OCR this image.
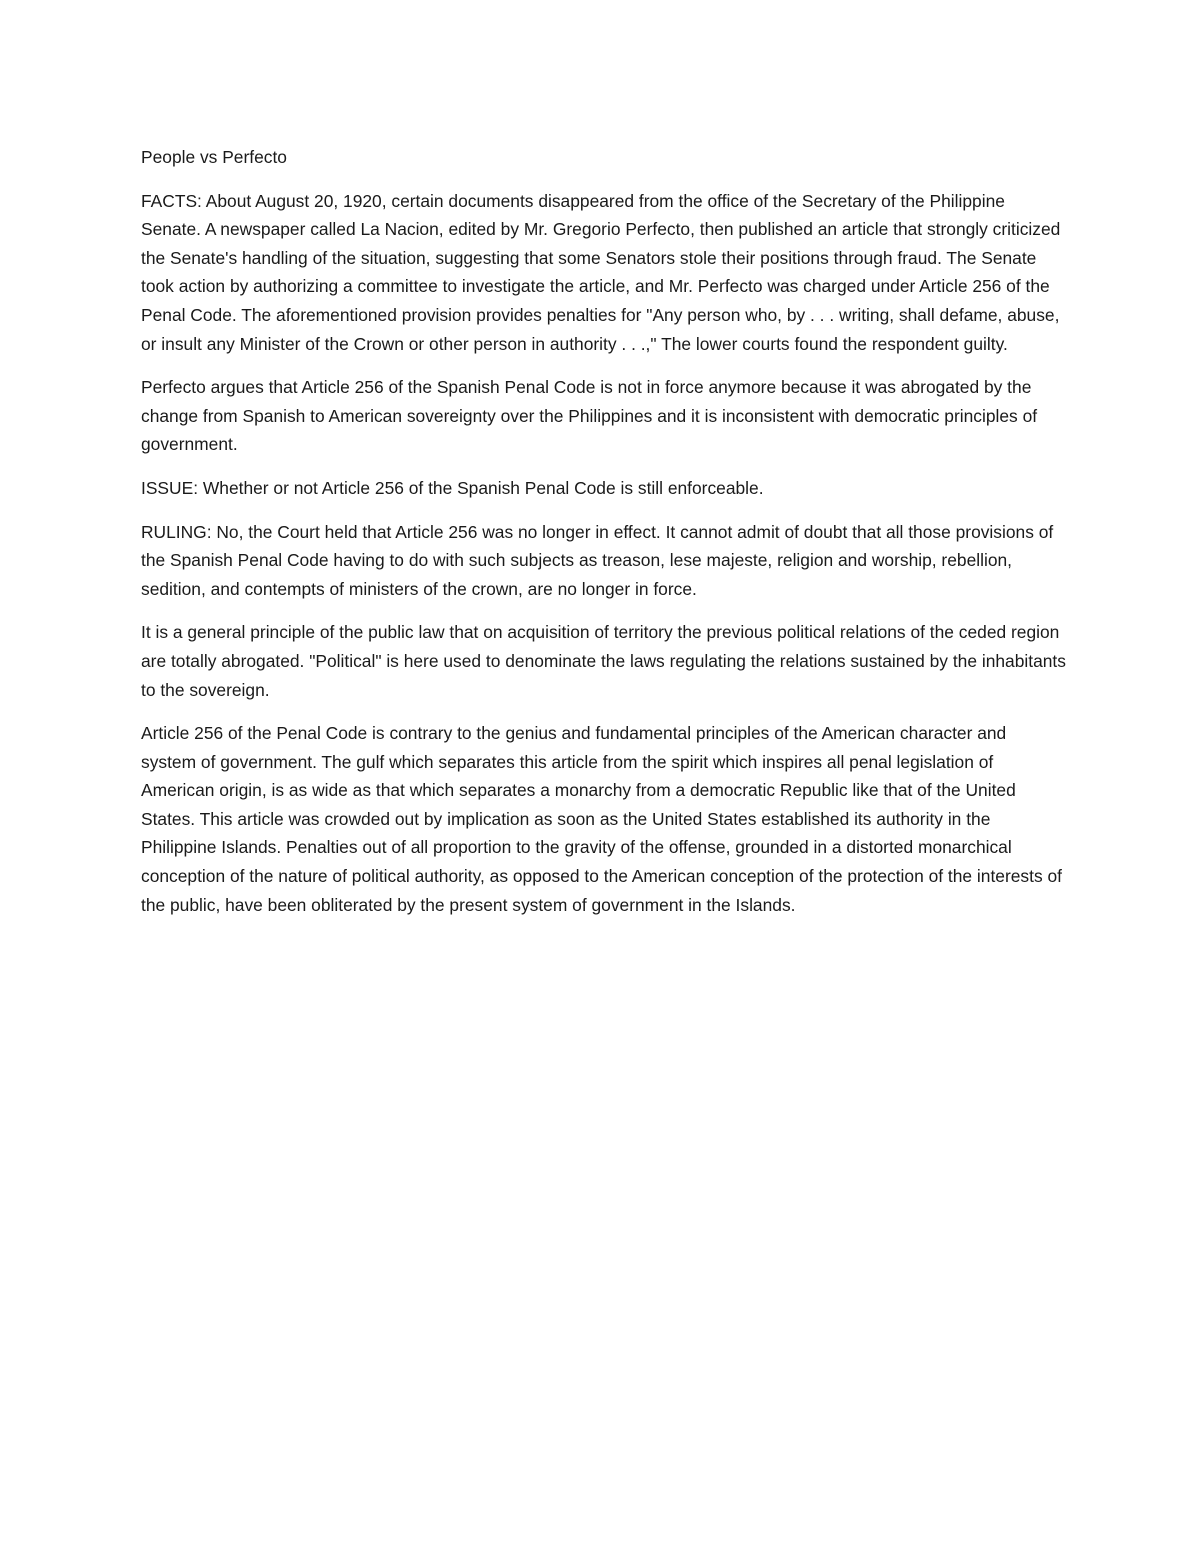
People vs Perfecto

FACTS: About August 20, 1920, certain documents disappeared from the office of the Secretary of the Philippine Senate. A newspaper called La Nacion, edited by Mr. Gregorio Perfecto, then published an article that strongly criticized the Senate's handling of the situation, suggesting that some Senators stole their positions through fraud. The Senate took action by authorizing a committee to investigate the article, and Mr. Perfecto was charged under Article 256 of the Penal Code. The aforementioned provision provides penalties for "Any person who, by . . . writing, shall defame, abuse, or insult any Minister of the Crown or other person in authority . . .," The lower courts found the respondent guilty.

Perfecto argues that Article 256 of the Spanish Penal Code is not in force anymore because it was abrogated by the change from Spanish to American sovereignty over the Philippines and it is inconsistent with democratic principles of government.

ISSUE: Whether or not Article 256 of the Spanish Penal Code is still enforceable.

RULING: No, the Court held that Article 256 was no longer in effect. It cannot admit of doubt that all those provisions of the Spanish Penal Code having to do with such subjects as treason, lese majeste, religion and worship, rebellion, sedition, and contempts of ministers of the crown, are no longer in force.

It is a general principle of the public law that on acquisition of territory the previous political relations of the ceded region are totally abrogated. "Political" is here used to denominate the laws regulating the relations sustained by the inhabitants to the sovereign.

Article 256 of the Penal Code is contrary to the genius and fundamental principles of the American character and system of government. The gulf which separates this article from the spirit which inspires all penal legislation of American origin, is as wide as that which separates a monarchy from a democratic Republic like that of the United States. This article was crowded out by implication as soon as the United States established its authority in the Philippine Islands. Penalties out of all proportion to the gravity of the offense, grounded in a distorted monarchical conception of the nature of political authority, as opposed to the American conception of the protection of the interests of the public, have been obliterated by the present system of government in the Islands.
